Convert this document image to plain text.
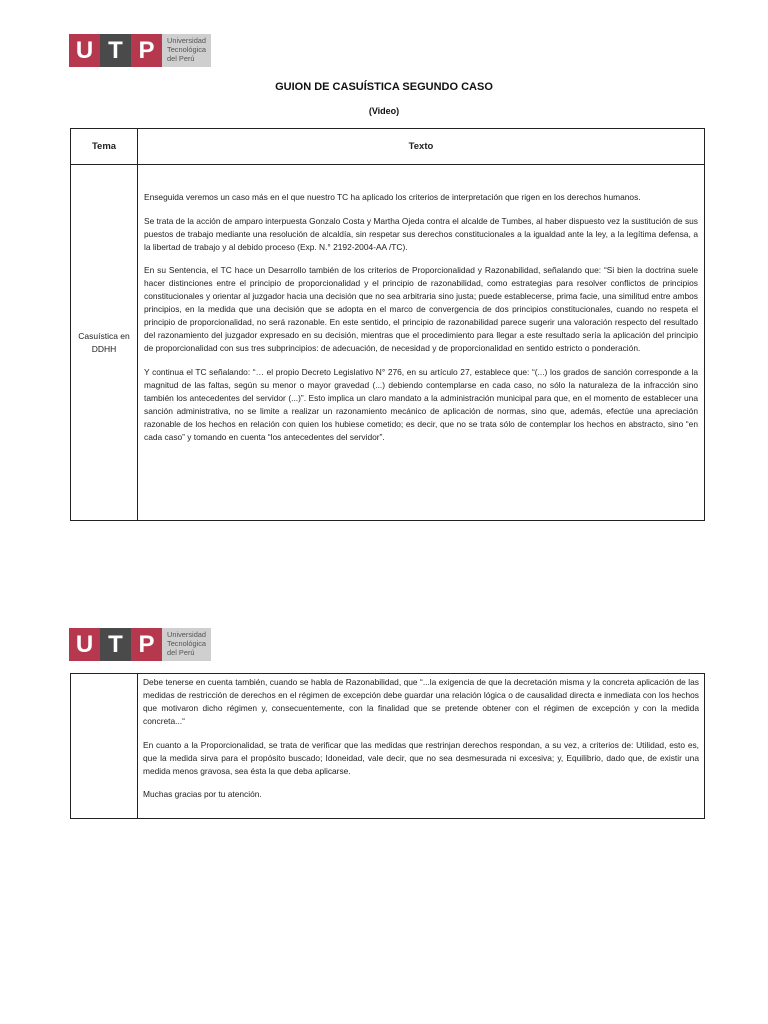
U T P	Universidad
Tecnológica
del Perú
GUION DE CASUÍSTICA SEGUNDO CASO
(Video)
Tema	Texto
Casuística en DDHH	Enseguida veremos un caso más en el que nuestro TC ha aplicado los criterios de interpretación que rigen en los derechos humanos.

Se trata de la acción de amparo interpuesta Gonzalo Costa y Martha Ojeda contra el alcalde de Tumbes, al haber dispuesto vez la sustitución de sus puestos de trabajo mediante una resolución de alcaldía, sin respetar sus derechos constitucionales a la igualdad ante la ley, a la legítima defensa, a la libertad de trabajo y al debido proceso (Exp. N.° 2192-2004-AA /TC).

En su Sentencia, el TC hace un Desarrollo también de los criterios de Proporcionalidad y Razonabilidad, señalando que: “Si bien la doctrina suele hacer distinciones entre el principio de proporcionalidad y el principio de razonabilidad, como estrategias para resolver conflictos de principios constitucionales y orientar al juzgador hacia una decisión que no sea arbitraria sino justa; puede establecerse, prima facie, una similitud entre ambos principios, en la medida que una decisión que se adopta en el marco de convergencia de dos principios constitucionales, cuando no respeta el principio de proporcionalidad, no será razonable. En este sentido, el principio de razonabilidad parece sugerir una valoración respecto del resultado del razonamiento del juzgador expresado en su decisión, mientras que el procedimiento para llegar a este resultado sería la aplicación del principio de proporcionalidad con sus tres subprincipios: de adecuación, de necesidad y de proporcionalidad en sentido estricto o ponderación.

Y continua el TC señalando: “… el propio Decreto Legislativo N° 276, en su artículo 27, establece que: “(...) los grados de sanción corresponde a la magnitud de las faltas, según su menor o mayor gravedad (...) debiendo contemplarse en cada caso, no sólo la naturaleza de la infracción sino también los antecedentes del servidor (...)”. Esto implica un claro mandato a la administración municipal para que, en el momento de establecer una sanción administrativa, no se limite a realizar un razonamiento mecánico de aplicación de normas, sino que, además, efectúe una apreciación razonable de los hechos en relación con quien los hubiese cometido; es decir, que no se trata sólo de contemplar los hechos en abstracto, sino “en cada caso” y tomando en cuenta “los antecedentes del servidor”.

U T P	Universidad
Tecnológica
del Perú

Debe tenerse en cuenta también, cuando se habla de Razonabilidad, que “...la exigencia de que la decretación misma y la concreta aplicación de las medidas de restricción de derechos en el régimen de excepción debe guardar una relación lógica o de causalidad directa e inmediata con los hechos que motivaron dicho régimen y, consecuentemente, con la finalidad que se pretende obtener con el régimen de excepción y con la medida concreta...“

En cuanto a la Proporcionalidad, se trata de verificar que las medidas que restrinjan derechos respondan, a su vez, a criterios de: Utilidad, esto es, que la medida sirva para el propósito buscado; Idoneidad, vale decir, que no sea desmesurada ni excesiva; y, Equilibrio, dado que, de existir una medida menos gravosa, sea ésta la que deba aplicarse.

Muchas gracias por tu atención.
